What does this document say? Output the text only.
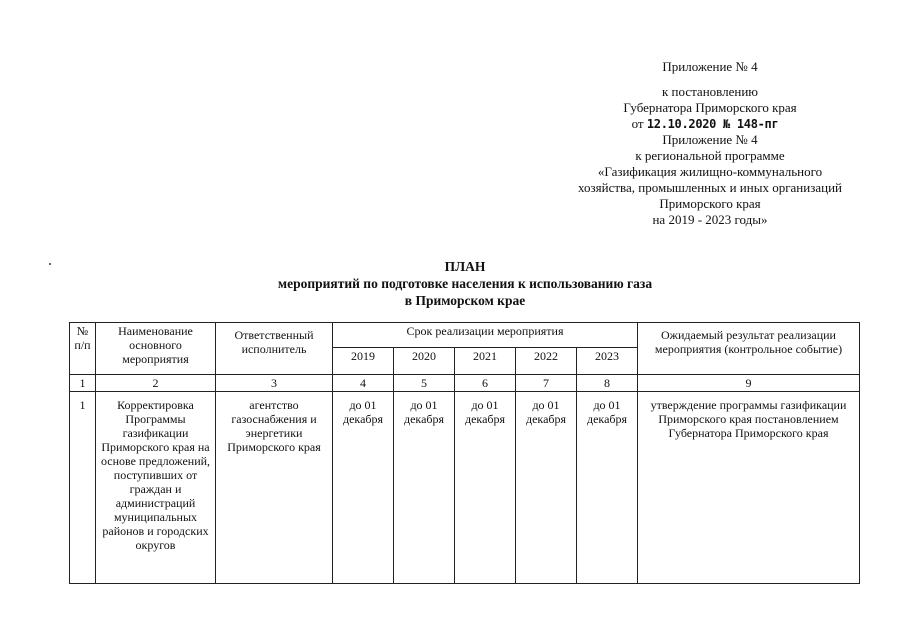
Приложение № 4
к постановлению
Губернатора Приморского края
от 12.10.2020 № 148-пг
Приложение № 4
к региональной программе
«Газификация жилищно-коммунального
хозяйства, промышленных и иных организаций
Приморского края
на 2019 - 2023 годы»
ПЛАН
мероприятий по подготовке населения к использованию газа
в Приморском крае
№ п/п	Наименование основного мероприятия	Ответственный исполнитель	Срок реализации мероприятия					Ожидаемый результат реализации мероприятия (контрольное событие)
			2019	2020	2021	2022	2023	
1	2	3	4	5	6	7	8	9
1	Корректировка Программы газификации Приморского края на основе предложений, поступивших от граждан и администраций муниципальных районов и городских округов	агентство газоснабжения и энергетики Приморского края	до 01 декабря	до 01 декабря	до 01 декабря	до 01 декабря	до 01 декабря	утверждение программы газификации Приморского края постановлением Губернатора Приморского края
